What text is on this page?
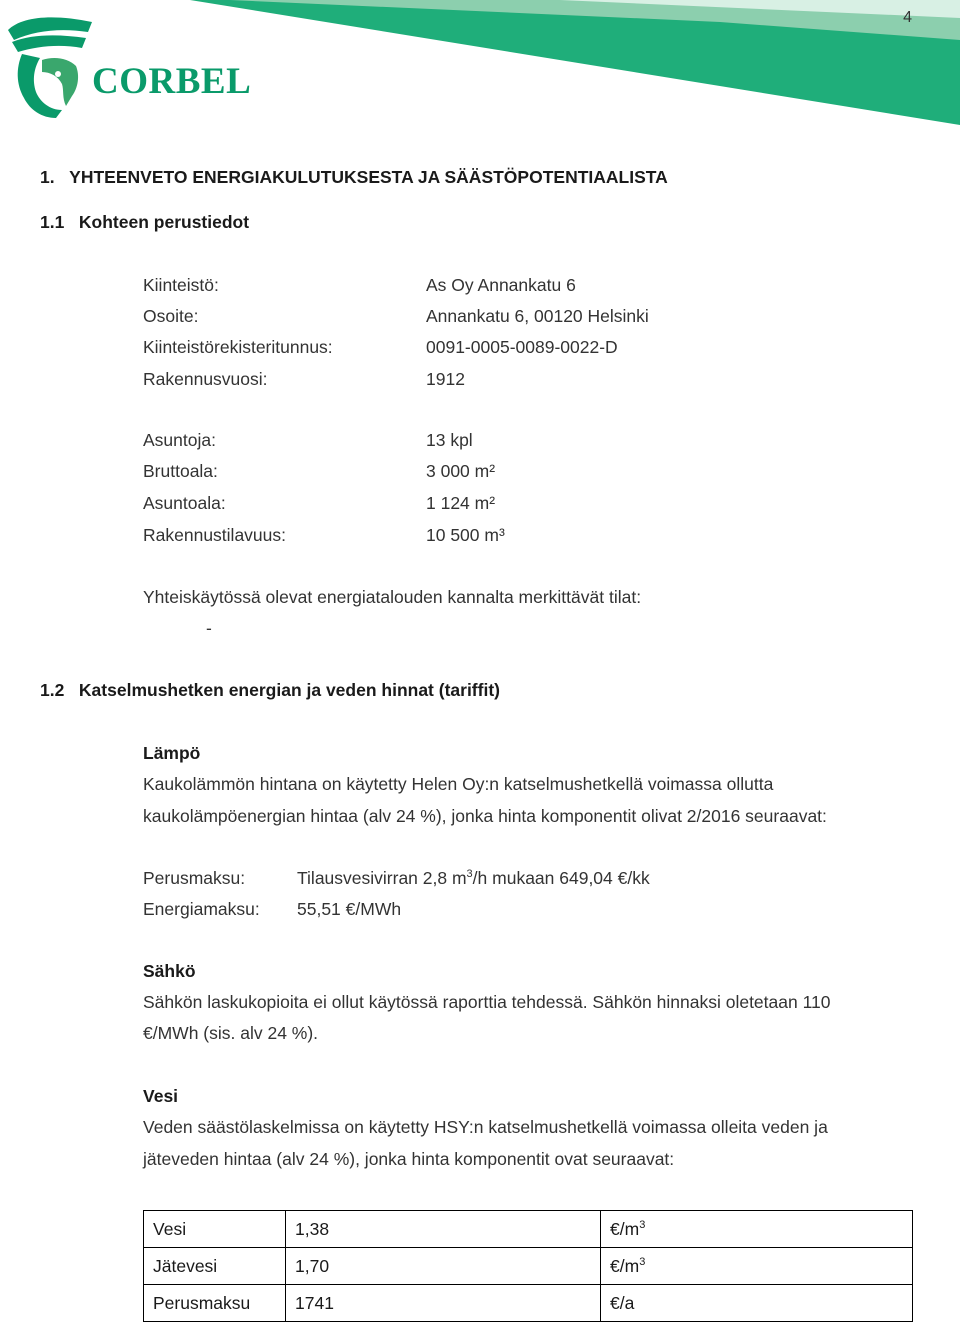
4
CORBEL
1.   YHTEENVETO ENERGIAKULUTUKSESTA JA SÄÄSTÖPOTENTIAALISTA
1.1   Kohteen perustiedot
Kiinteistö:	As Oy Annankatu 6
Osoite:	Annankatu 6, 00120 Helsinki
Kiinteistörekisteritunnus:	0091-0005-0089-0022-D
Rakennusvuosi:	1912
Asuntoja:	13 kpl
Bruttoala:	3 000 m²
Asuntoala:	1 124 m²
Rakennustilavuus:	10 500 m³
Yhteiskäytössä olevat energiatalouden kannalta merkittävät tilat:
-
1.2   Katselmushetken energian ja veden hinnat (tariffit)
Lämpö
Kaukolämmön hintana on käytetty Helen Oy:n katselmushetkellä voimassa ollutta
kaukolämpöenergian hintaa (alv 24 %), jonka hinta komponentit olivat 2/2016 seuraavat:
Perusmaksu:	Tilausvesivirran 2,8 $m^3/h$ mukaan 649,04 €/kk
Energiamaksu: 55,51 €/MWh
Sähkö
Sähkön laskukopioita ei ollut käytössä raporttia tehdessä. Sähkön hinnaksi oletetaan 110
€/MWh (sis. alv 24 %).
Vesi
Veden säästölaskelmissa on käytetty HSY:n katselmushetkellä voimassa olleita veden ja
jäteveden hintaa (alv 24 %), jonka hinta komponentit ovat seuraavat:
Vesi	1,38	$€/m^3$
Jätevesi	1,70	$€/m^3$
Perusmaksu	1741	€/a
